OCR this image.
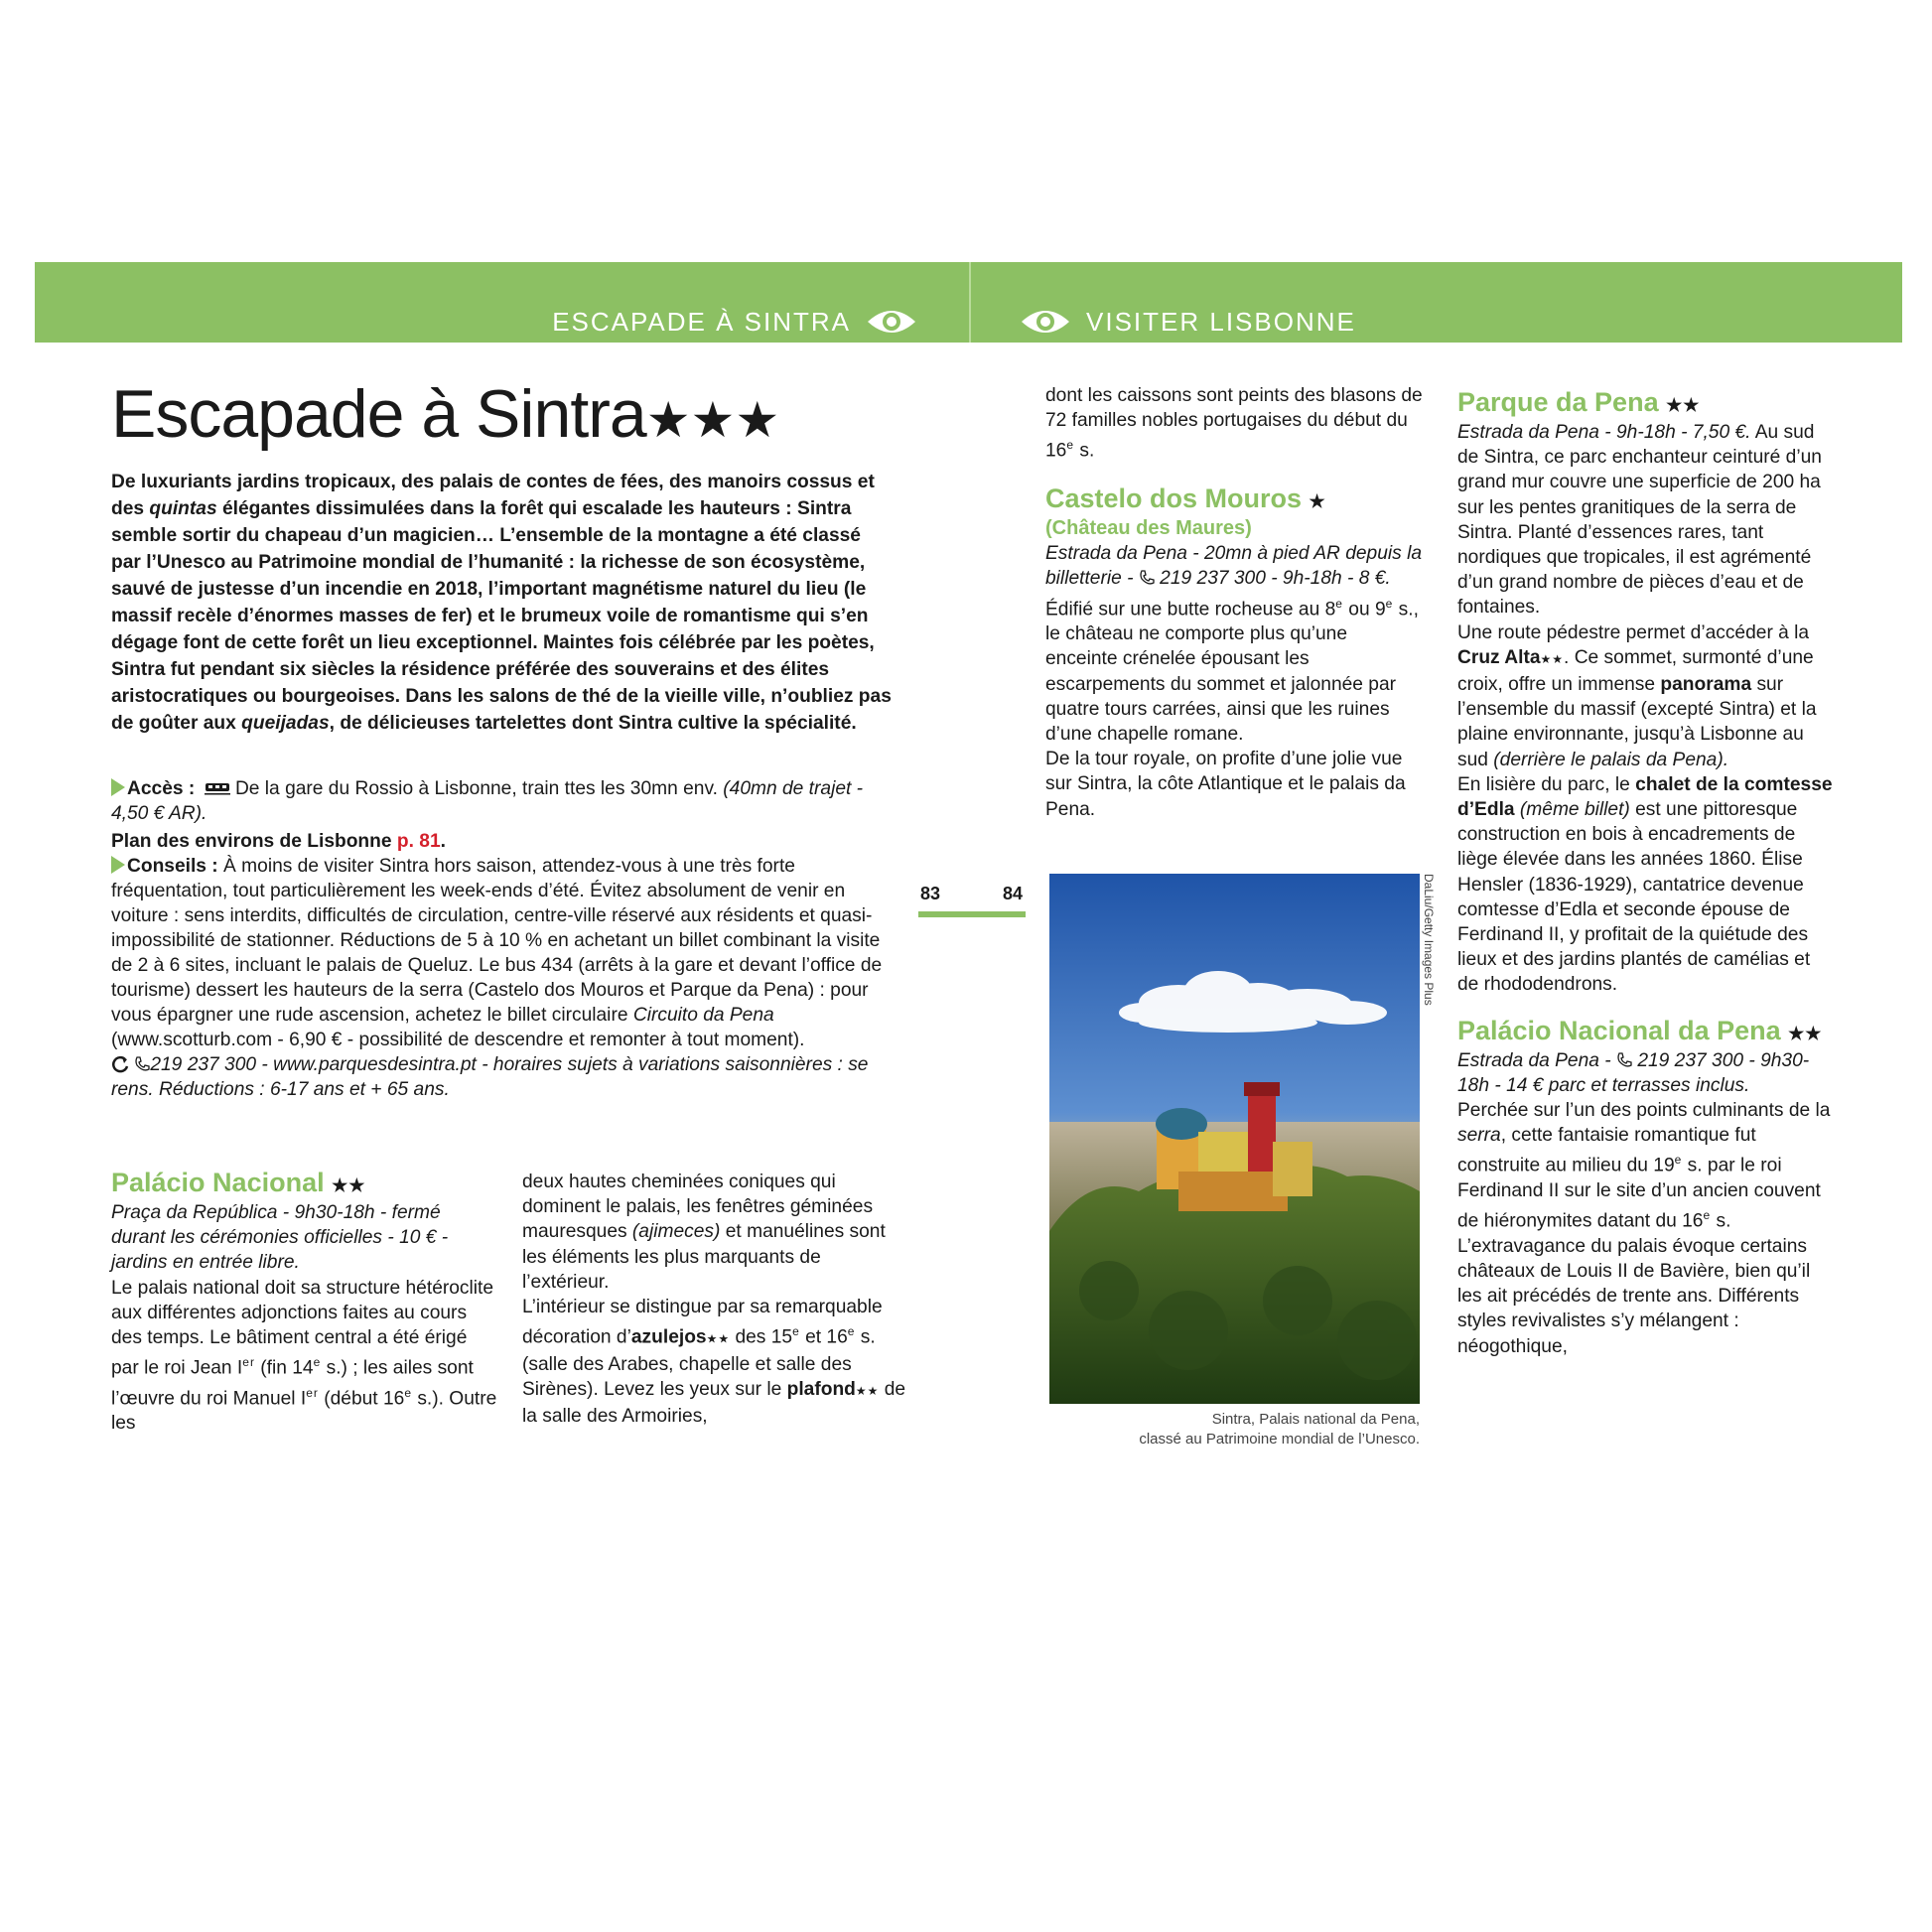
ESCAPADE À SINTRA	VISITER LISBONNE
Escapade à Sintra★★★
De luxuriants jardins tropicaux, des palais de contes de fées, des manoirs cossus et des quintas élégantes dissimulées dans la forêt qui escalade les hauteurs : Sintra semble sortir du chapeau d’un magicien… L’ensemble de la montagne a été classé par l’Unesco au Patrimoine mondial de l’humanité : la richesse de son écosystème, sauvé de justesse d’un incendie en 2018, l’important magnétisme naturel du lieu (le massif recèle d’énormes masses de fer) et le brumeux voile de romantisme qui s’en dégage font de cette forêt un lieu exceptionnel. Maintes fois célébrée par les poètes, Sintra fut pendant six siècles la résidence préférée des souverains et des élites aristocratiques ou bourgeoises. Dans les salons de thé de la vieille ville, n’oubliez pas de goûter aux queijadas, de délicieuses tartelettes dont Sintra cultive la spécialité.
Accès :  De la gare du Rossio à Lisbonne, train ttes les 30mn env. (40mn de trajet - 4,50 € AR).
Plan des environs de Lisbonne p. 81.
Conseils : À moins de visiter Sintra hors saison, attendez-vous à une très forte fréquentation, tout particulièrement les week-ends d’été. Évitez absolument de venir en voiture : sens interdits, difficultés de circulation, centre-ville réservé aux résidents et quasi-impossibilité de stationner. Réductions de 5 à 10 % en achetant un billet combinant la visite de 2 à 6 sites, incluant le palais de Queluz. Le bus 434 (arrêts à la gare et devant l’office de tourisme) dessert les hauteurs de la serra (Castelo dos Mouros et Parque da Pena) : pour vous épargner une rude ascension, achetez le billet circulaire Circuito da Pena (www.scotturb.com - 6,90 € - possibilité de descendre et remonter à tout moment).
219 237 300 - www.parquesdesintra.pt - horaires sujets à variations saisonnières : se rens. Réductions : 6-17 ans et + 65 ans.
Palácio Nacional ★★
Praça da República - 9h30-18h - fermé durant les cérémonies officielles - 10 € - jardins en entrée libre.
Le palais national doit sa structure hétéroclite aux différentes adjonctions faites au cours des temps. Le bâtiment central a été érigé par le roi Jean Ier (fin 14e s.) ; les ailes sont l’œuvre du roi Manuel Ier (début 16e s.). Outre les
deux hautes cheminées coniques qui dominent le palais, les fenêtres géminées mauresques (ajimeces) et manuélines sont les éléments les plus marquants de l’extérieur.
L’intérieur se distingue par sa remarquable décoration d’azulejos★★ des 15e et 16e s. (salle des Arabes, chapelle et salle des Sirènes). Levez les yeux sur le plafond★★ de la salle des Armoiries,
dont les caissons sont peints des blasons de 72 familles nobles portugaises du début du 16e s.
Castelo dos Mouros ★
(Château des Maures)
Estrada da Pena - 20mn à pied AR depuis la billetterie -  219 237 300 - 9h-18h - 8 €.
Édifié sur une butte rocheuse au 8e ou 9e s., le château ne comporte plus qu’une enceinte crénelée épousant les escarpements du sommet et jalonnée par quatre tours carrées, ainsi que les ruines d’une chapelle romane.
De la tour royale, on profite d’une jolie vue sur Sintra, la côte Atlantique et le palais da Pena.
83	84	DaLiu/Getty Images Plus
Sintra, Palais national da Pena,
classé au Patrimoine mondial de l’Unesco.
Parque da Pena ★★
Estrada da Pena - 9h-18h - 7,50 €. Au sud de Sintra, ce parc enchanteur ceinturé d’un grand mur couvre une superficie de 200 ha sur les pentes granitiques de la serra de Sintra. Planté d’essences rares, tant nordiques que tropicales, il est agrémenté d’un grand nombre de pièces d’eau et de fontaines.
Une route pédestre permet d’accéder à la Cruz Alta★★. Ce sommet, surmonté d’une croix, offre un immense panorama sur l’ensemble du massif (excepté Sintra) et la plaine environnante, jusqu’à Lisbonne au sud (derrière le palais da Pena).
En lisière du parc, le chalet de la comtesse d’Edla (même billet) est une pittoresque construction en bois à encadrements de liège élevée dans les années 1860. Élise Hensler (1836-1929), cantatrice devenue comtesse d’Edla et seconde épouse de Ferdinand II, y profitait de la quiétude des lieux et des jardins plantés de camélias et de rhododendrons.
Palácio Nacional da Pena ★★
Estrada da Pena -  219 237 300 - 9h30-18h - 14 € parc et terrasses inclus.
Perchée sur l’un des points culminants de la serra, cette fantaisie romantique fut construite au milieu du 19e s. par le roi Ferdinand II sur le site d’un ancien couvent de hiéronymites datant du 16e s. L’extravagance du palais évoque certains châteaux de Louis II de Bavière, bien qu’il les ait précédés de trente ans. Différents styles revivalistes s’y mélangent : néogothique,
